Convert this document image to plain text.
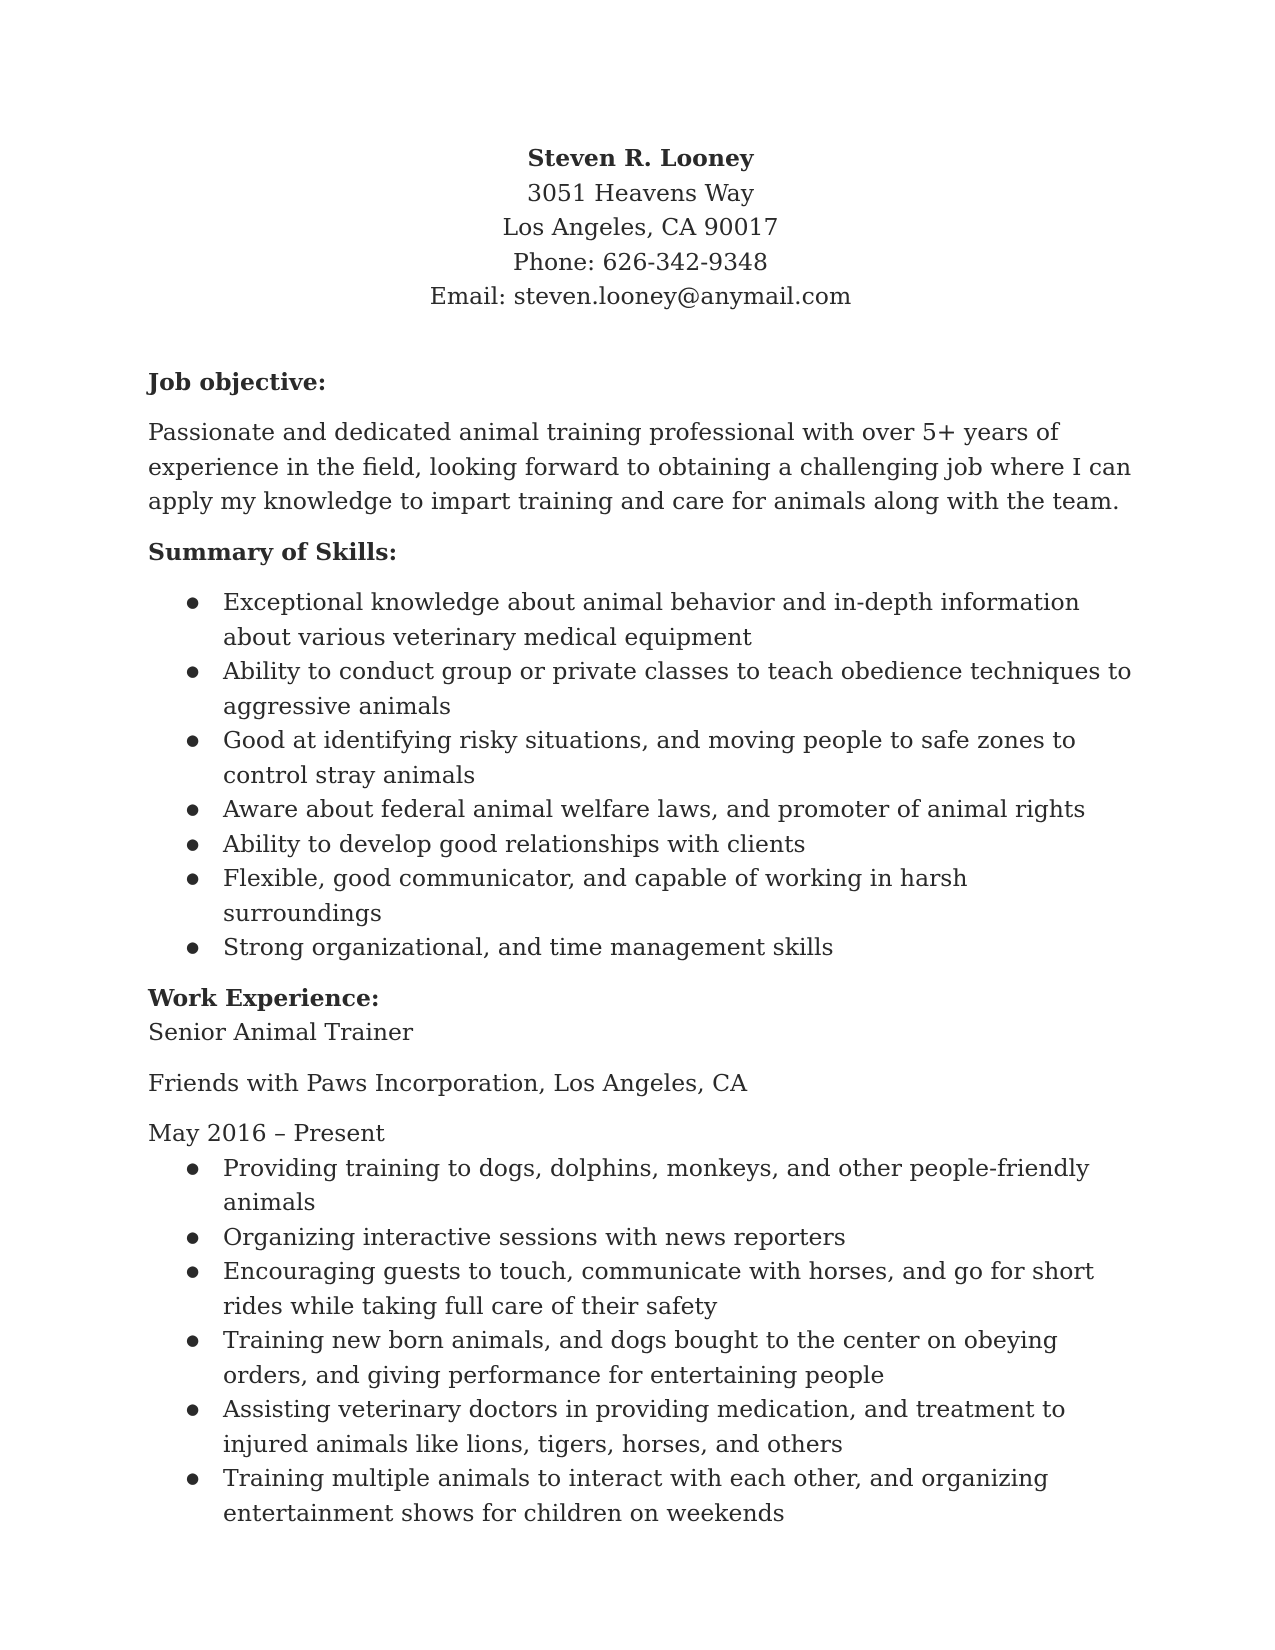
Steven R. Looney
3051 Heavens Way
Los Angeles, CA 90017
Phone: 626-342-9348
Email: steven.looney@anymail.com
Job objective:

Passionate and dedicated animal training professional with over 5+ years of experience in the field, looking forward to obtaining a challenging job where I can apply my knowledge to impart training and care for animals along with the team.

Summary of Skills:
● Exceptional knowledge about animal behavior and in-depth information about various veterinary medical equipment
● Ability to conduct group or private classes to teach obedience techniques to aggressive animals
● Good at identifying risky situations, and moving people to safe zones to control stray animals
● Aware about federal animal welfare laws, and promoter of animal rights
● Ability to develop good relationships with clients
● Flexible, good communicator, and capable of working in harsh surroundings
● Strong organizational, and time management skills
Work Experience:

Senior Animal Trainer

Friends with Paws Incorporation, Los Angeles, CA

May 2016 – Present

● Providing training to dogs, dolphins, monkeys, and other people-friendly animals
● Organizing interactive sessions with news reporters
● Encouraging guests to touch, communicate with horses, and go for short rides while taking full care of their safety
● Training new born animals, and dogs bought to the center on obeying orders, and giving performance for entertaining people
● Assisting veterinary doctors in providing medication, and treatment to injured animals like lions, tigers, horses, and others
● Training multiple animals to interact with each other, and organizing entertainment shows for children on weekends
